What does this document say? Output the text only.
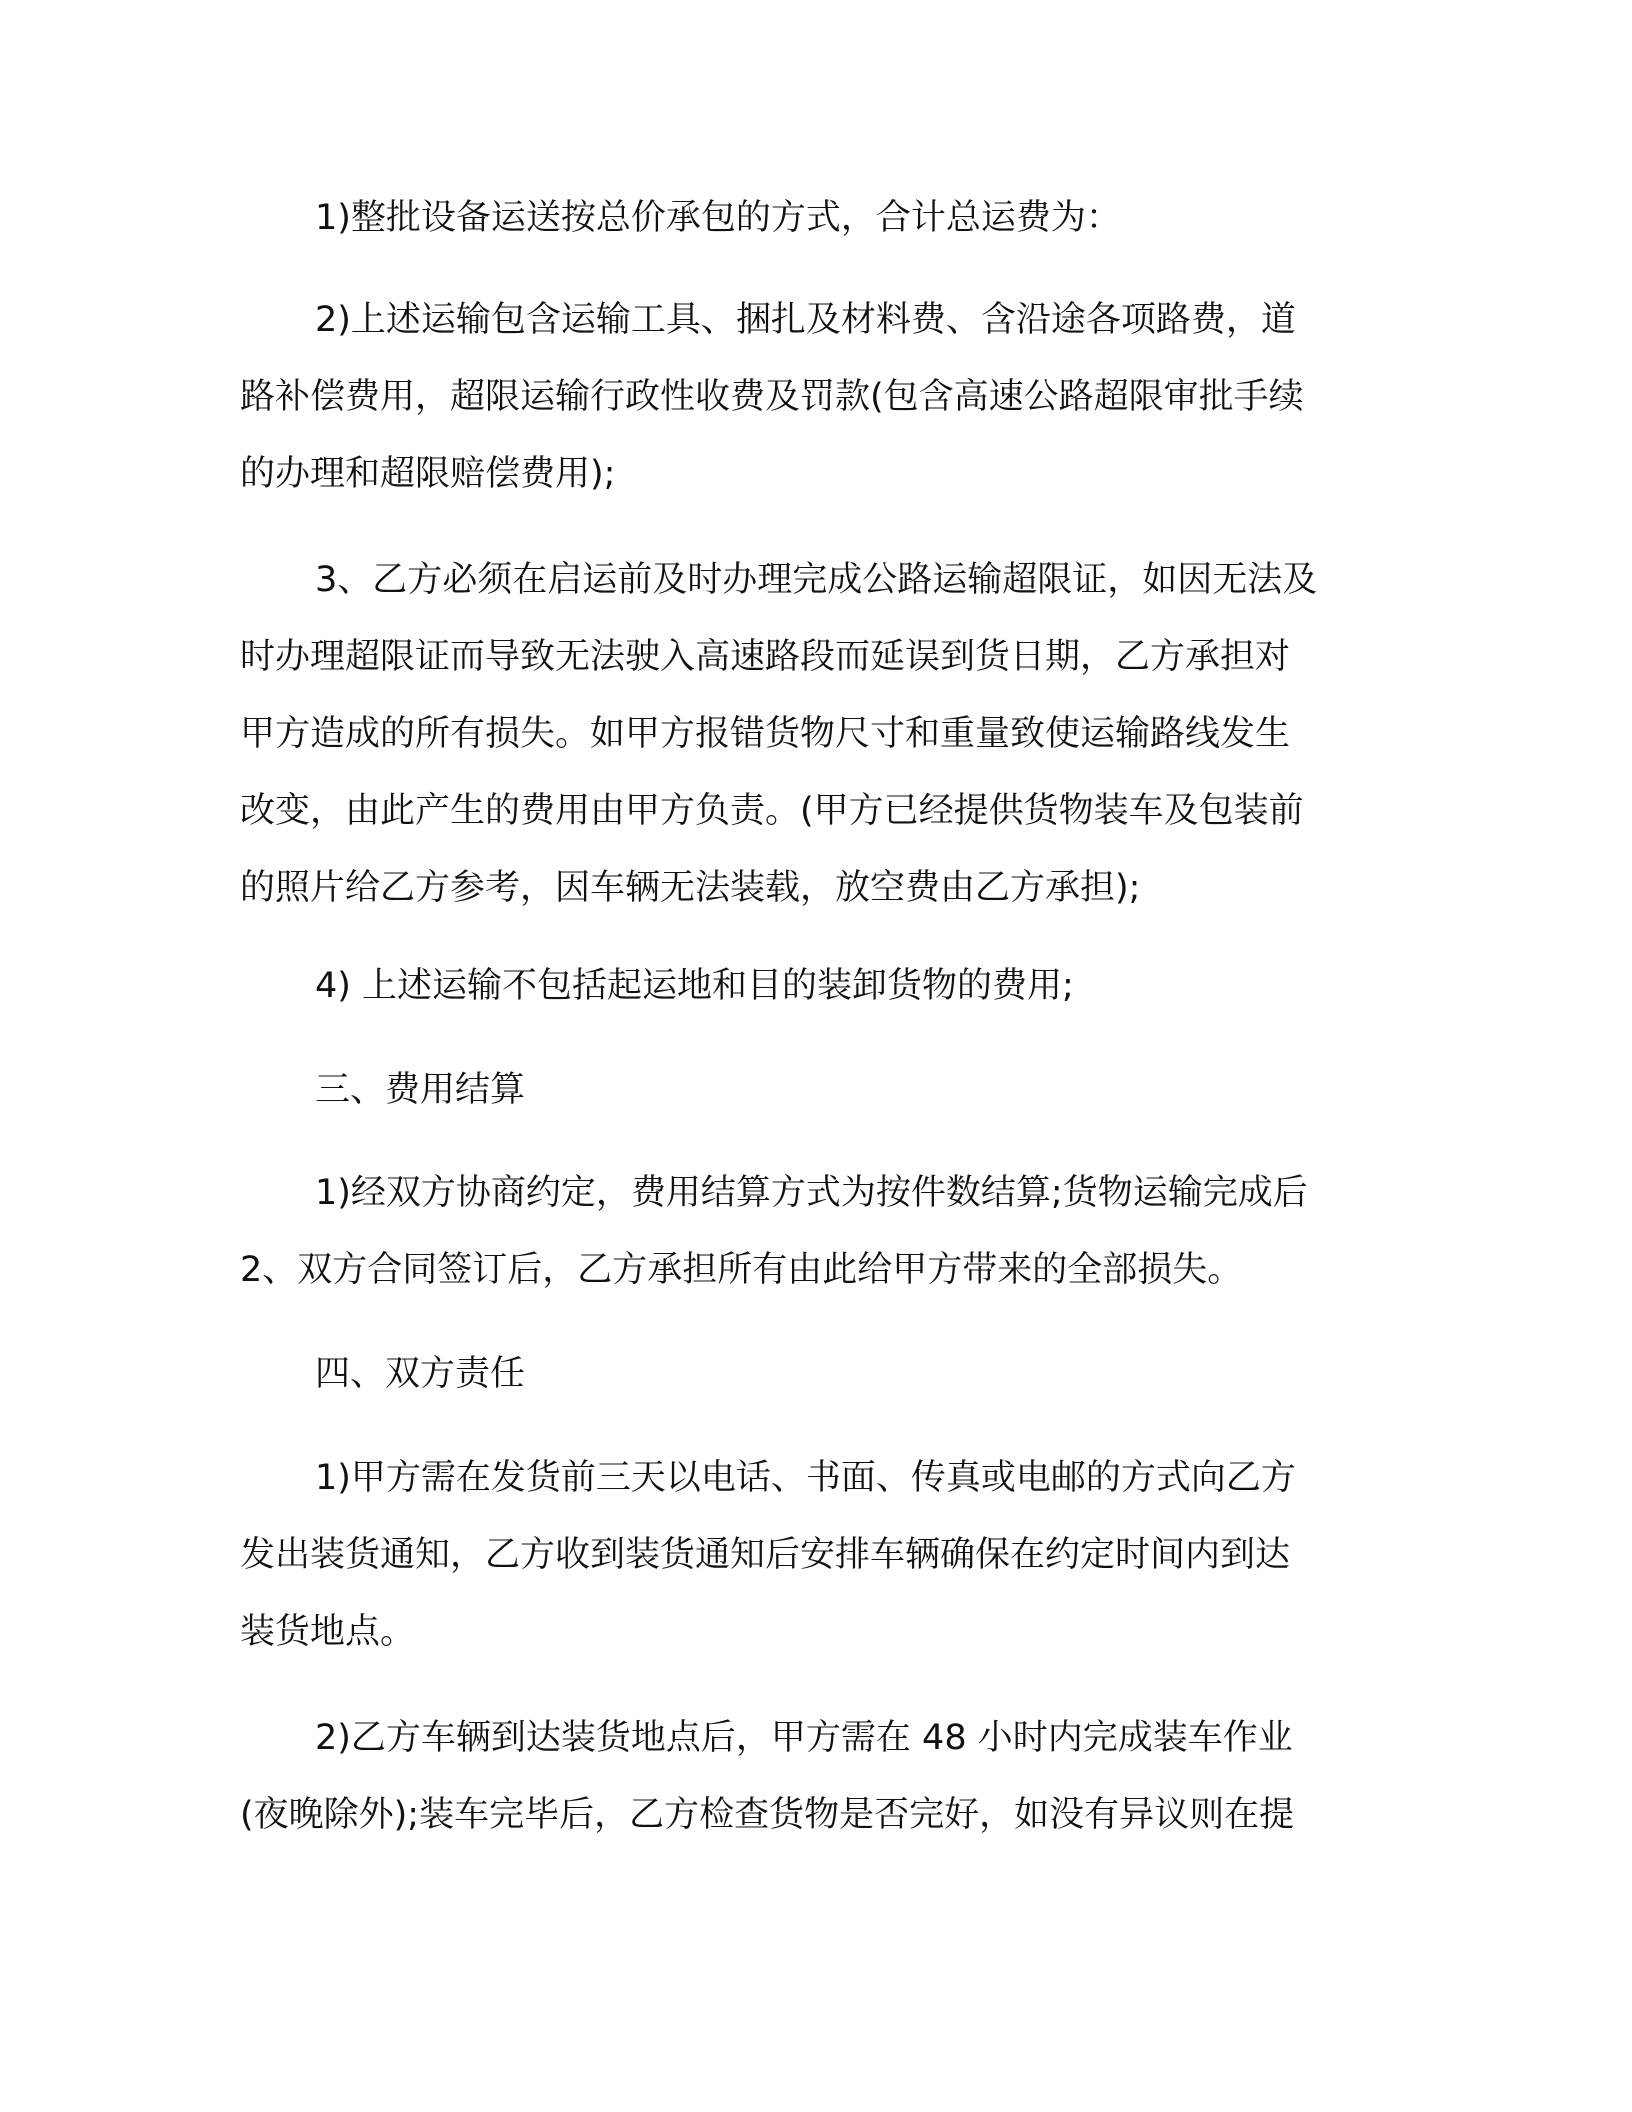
1)整批设备运送按总价承包的方式，合计总运费为：
2)上述运输包含运输工具、捆扎及材料费、含沿途各项路费，道
路补偿费用，超限运输行政性收费及罚款(包含高速公路超限审批手续
的办理和超限赔偿费用);
3、乙方必须在启运前及时办理完成公路运输超限证，如因无法及
时办理超限证而导致无法驶入高速路段而延误到货日期，乙方承担对
甲方造成的所有损失。如甲方报错货物尺寸和重量致使运输路线发生
改变，由此产生的费用由甲方负责。(甲方已经提供货物装车及包装前
的照片给乙方参考，因车辆无法装载，放空费由乙方承担);
4) 上述运输不包括起运地和目的装卸货物的费用;
三、费用结算
1)经双方协商约定，费用结算方式为按件数结算;货物运输完成后
2、双方合同签订后，乙方承担所有由此给甲方带来的全部损失。
四、双方责任
1)甲方需在发货前三天以电话、书面、传真或电邮的方式向乙方
发出装货通知，乙方收到装货通知后安排车辆确保在约定时间内到达
装货地点。
2)乙方车辆到达装货地点后，甲方需在 48 小时内完成装车作业
(夜晚除外);装车完毕后，乙方检查货物是否完好，如没有异议则在提
